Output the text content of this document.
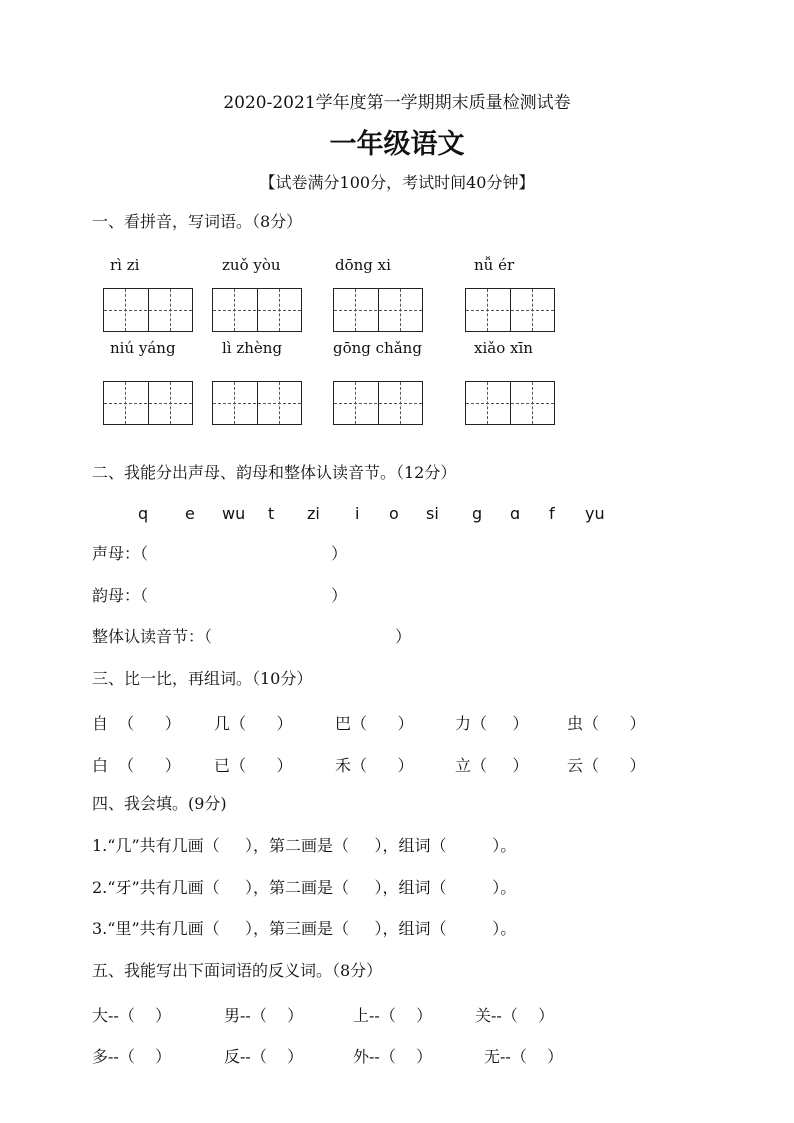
2020-2021学年度第一学期期末质量检测试卷
一年级语文
【试卷满分100分，考试时间40分钟】
一、看拼音，写词语。（8分）
rì zi	zuǒ yòu	dōng xi	nǚ ér
niú yáng	lì zhèng	gōng chǎng	xiǎo xīn
二、我能分出声母、韵母和整体认读音节。（12分）
q e wu t zi i o si g ɑ f yu
声母：（                                    ）
韵母：（                                    ）
整体认读音节：（                                    ）
三、比一比，再组词。（10分）
自  （      ） 几（      ）	巴（      ）	力（     ） 虫（      ）
白  （      ） 已（      ）	禾（      ）	立（     ） 云（      ）
四、我会填。(9分)
1.“几”共有几画（     ），第二画是（     ），组词（         ）。
2.“牙”共有几画（     ），第二画是（     ），组词（         ）。
3.“里”共有几画（     ），第三画是（     ），组词（         ）。
五、我能写出下面词语的反义词。（8分）
大--（    ）	男--（    ）	上--（    ）	关--（    ）
多--（    ）	反--（    ）	外--（    ）	无--（    ）
